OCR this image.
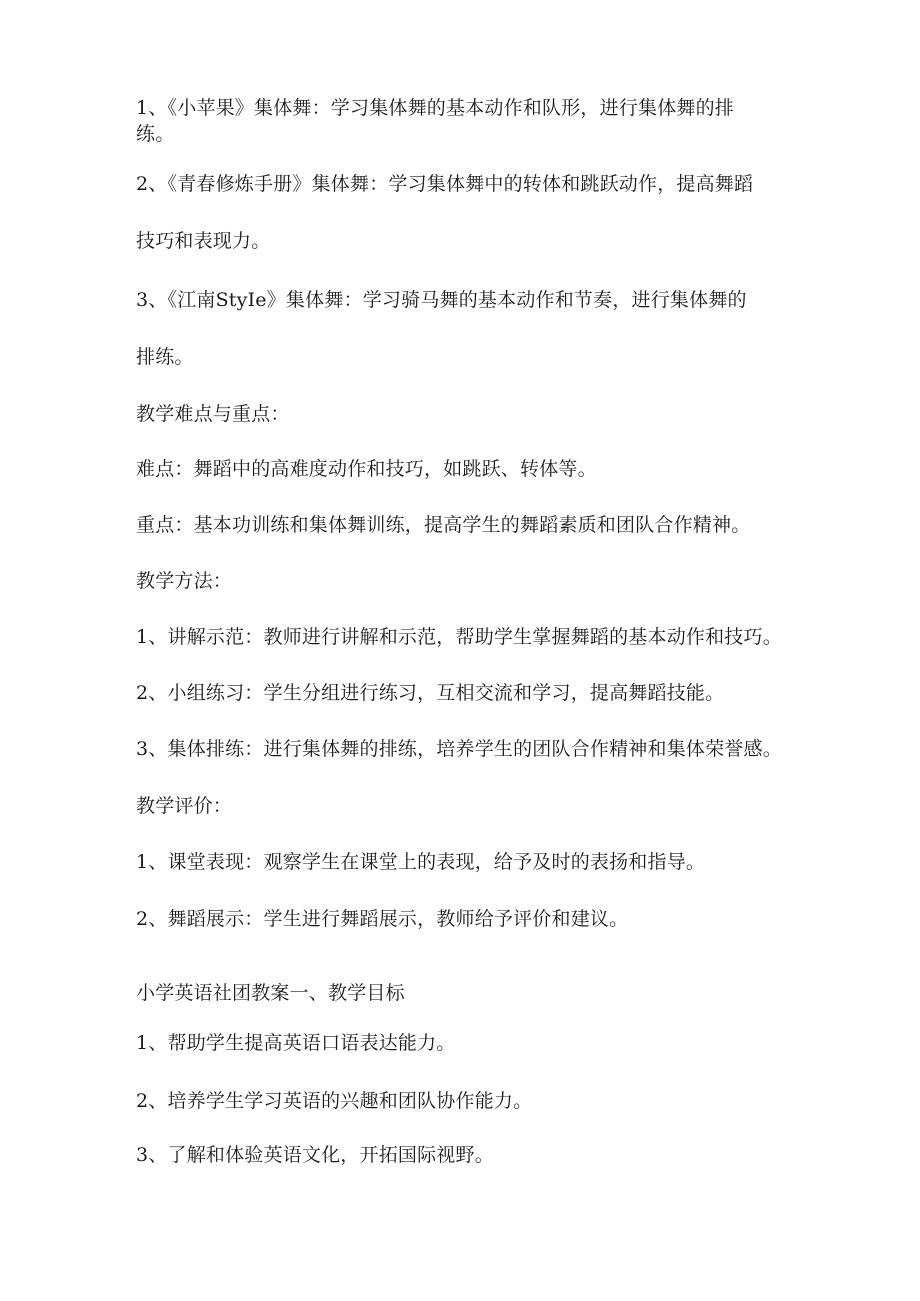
1、《小苹果》集体舞：学习集体舞的基本动作和队形，进行集体舞的排
练。
2、《青春修炼手册》集体舞：学习集体舞中的转体和跳跃动作，提高舞蹈
技巧和表现力。
3、《江南StyIe》集体舞：学习骑马舞的基本动作和节奏，进行集体舞的
排练。
教学难点与重点：
难点：舞蹈中的高难度动作和技巧，如跳跃、转体等。
重点：基本功训练和集体舞训练，提高学生的舞蹈素质和团队合作精神。
教学方法：
1、讲解示范：教师进行讲解和示范，帮助学生掌握舞蹈的基本动作和技巧。
2、小组练习：学生分组进行练习，互相交流和学习，提高舞蹈技能。
3、集体排练：进行集体舞的排练，培养学生的团队合作精神和集体荣誉感。
教学评价：
1、课堂表现：观察学生在课堂上的表现，给予及时的表扬和指导。
2、舞蹈展示：学生进行舞蹈展示，教师给予评价和建议。
小学英语社团教案一、教学目标
1、帮助学生提高英语口语表达能力。
2、培养学生学习英语的兴趣和团队协作能力。
3、了解和体验英语文化，开拓国际视野。
